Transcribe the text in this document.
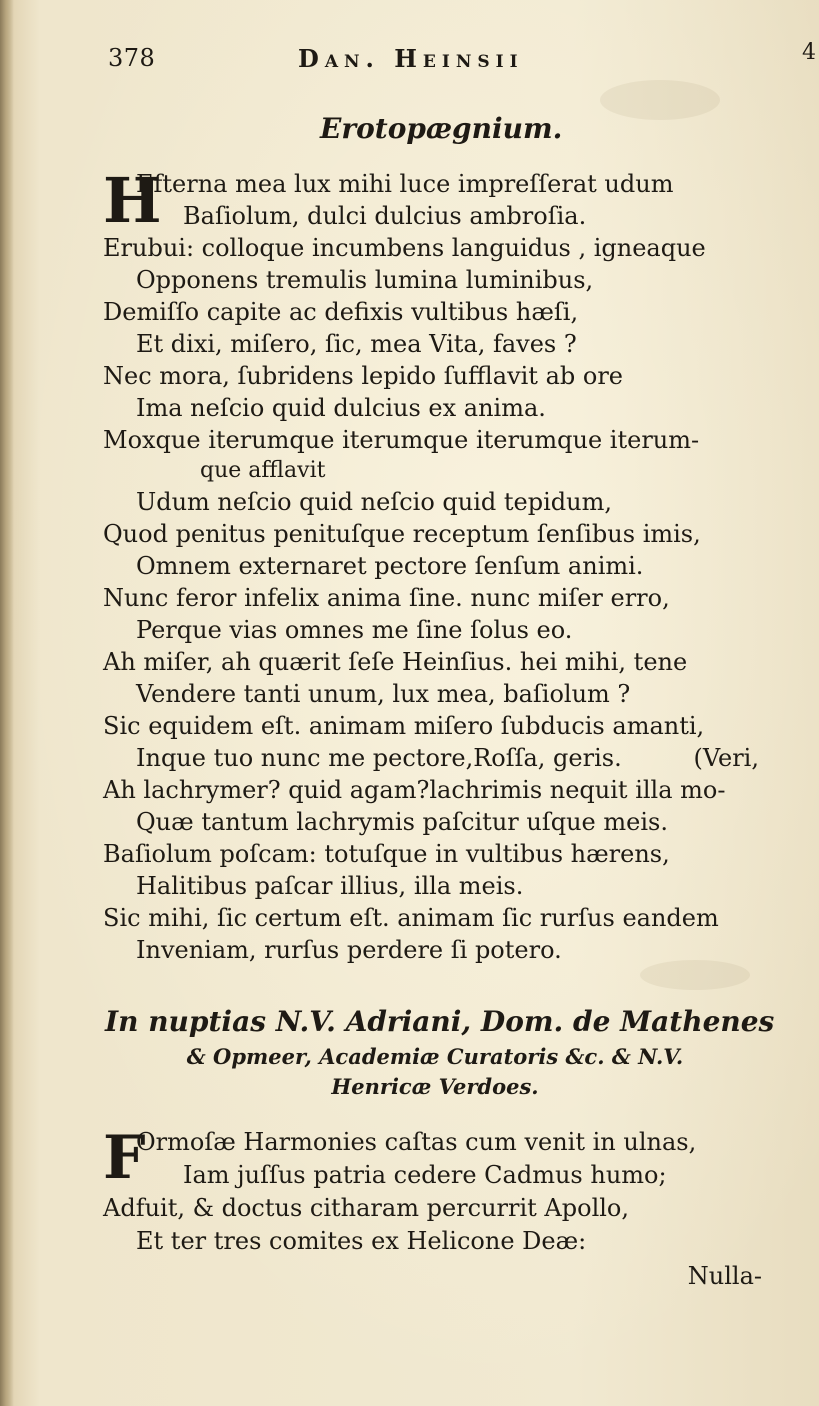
378	Dan. Heinsii	4
Erotopægnium.
H
Efterna mea lux mihi luce impreſſerat udum
Baſiolum, dulci dulcius ambroſia.
Erubui: colloque incumbens languidus , igneaque
Opponens tremulis lumina luminibus,
Demiſſo capite ac defixis vultibus hæſi,
Et dixi, miſero, ſic, mea Vita, faves ?
Nec mora, ſubridens lepido ſufflavit ab ore
Ima neſcio quid dulcius ex anima.
Moxque iterumque iterumque iterumque iterum-
que afflavit
Udum neſcio quid neſcio quid tepidum,
Quod penitus penituſque receptum ſenſibus imis,
Omnem externaret pectore ſenſum animi.
Nunc feror infelix anima ſine. nunc miſer erro,
Perque vias omnes me ſine ſolus eo.
Ah miſer, ah quærit ſeſe Heinſius. hei mihi, tene
Vendere tanti unum, lux mea, baſiolum ?
Sic equidem eſt. animam miſero ſubducis amanti,
Inque tuo nunc me pectore,Roſſa, geris.	(Veri,
Ah lachrymer? quid agam?lachrimis nequit illa mo-
Quæ tantum lachrymis paſcitur uſque meis.
Baſiolum poſcam: totuſque in vultibus hærens,
Halitibus paſcar illius, illa meis.
Sic mihi, ſic certum eſt. animam ſic rurſus eandem
Inveniam, rurſus perdere ſi potero.
In nuptias N.V. Adriani, Dom. de Mathenes
& Opmeer, Academiæ Curatoris &c. & N.V.
Henricæ Verdoes.
F
Ormoſæ Harmonies caſtas cum venit in ulnas,
Iam juſſus patria cedere Cadmus humo;
Adfuit, & doctus citharam percurrit Apollo,
Et ter tres comites ex Helicone Deæ:
Nulla-
